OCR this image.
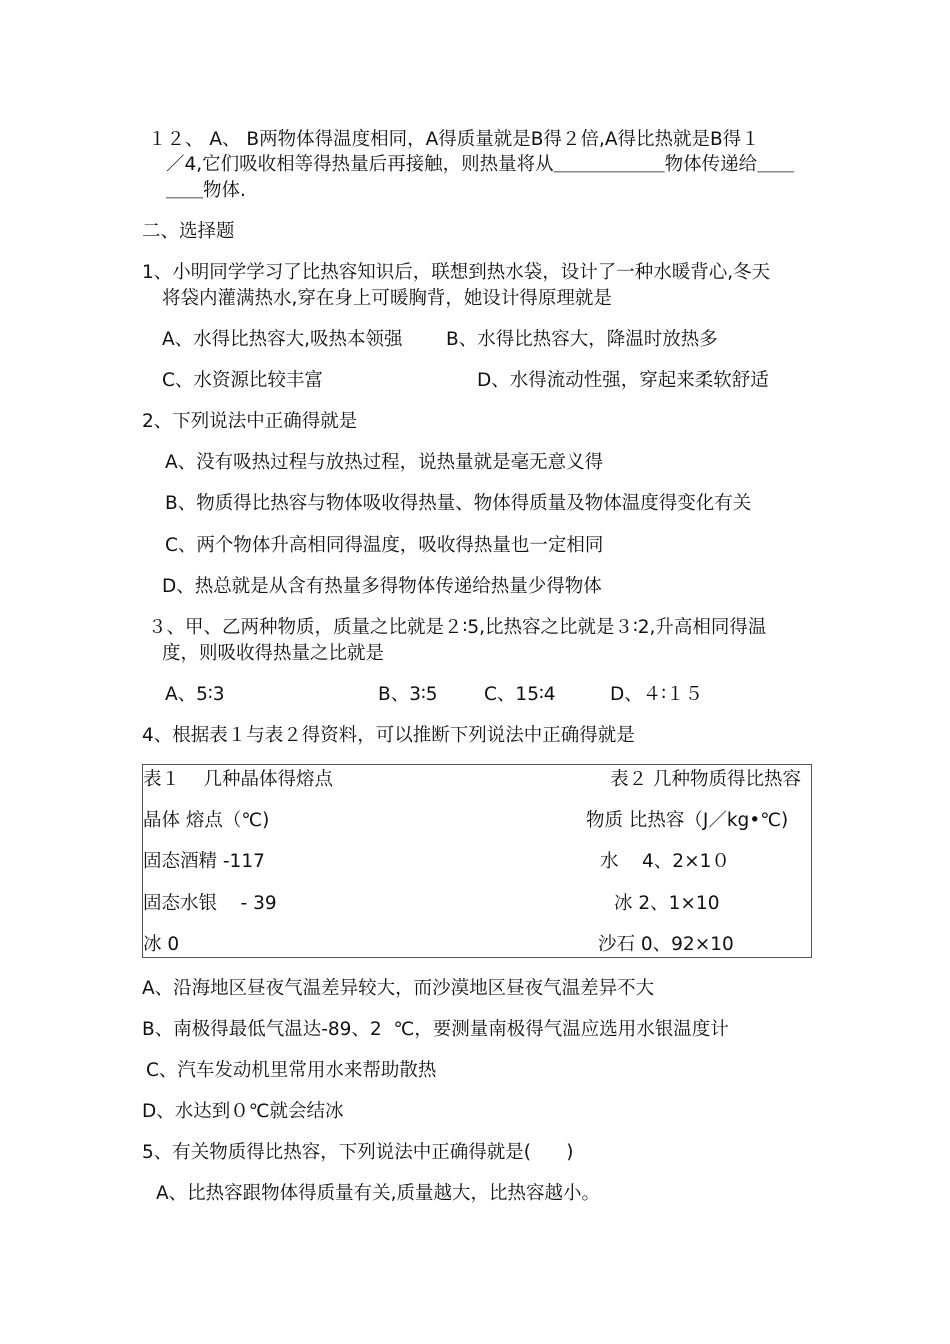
１２、 A、 B两物体得温度相同，A得质量就是B得２倍,A得比热就是B得１
／4,它们吸收相等得热量后再接触，则热量将从＿＿＿＿＿＿物体传递给＿＿
＿＿物体.
二、选择题
1、小明同学学习了比热容知识后，联想到热水袋，设计了一种水暖背心,冬天
将袋内灌满热水,穿在身上可暖胸背，她设计得原理就是
A、水得比热容大,吸热本领强 B、水得比热容大，降温时放热多
C、水资源比较丰富	D、水得流动性强，穿起来柔软舒适
2、下列说法中正确得就是
A、没有吸热过程与放热过程，说热量就是毫无意义得
B、物质得比热容与物体吸收得热量、物体得质量及物体温度得变化有关
C、两个物体升高相同得温度，吸收得热量也一定相同
D、热总就是从含有热量多得物体传递给热量少得物体
３、甲、乙两种物质，质量之比就是２∶5,比热容之比就是３∶2,升高相同得温
度，则吸收得热量之比就是
A、5∶3	B、3∶5	C、15∶4	D、４∶１５
4、根据表１与表２得资料，可以推断下列说法中正确得就是
表１    几种晶体得熔点	表２ 几种物质得比热容
晶体 熔点（℃)	物质 比热容（J／kg•℃)
固态酒精 -117	水    4、2×1０
固态水银    - 39	冰 2、1×10
冰 0	沙石 0、92×10
A、沿海地区昼夜气温差异较大，而沙漠地区昼夜气温差异不大
B、南极得最低气温达-89、2  ℃，要测量南极得气温应选用水银温度计
C、汽车发动机里常用水来帮助散热
D、水达到０℃就会结冰
5、有关物质得比热容，下列说法中正确得就是(      )
A、比热容跟物体得质量有关,质量越大，比热容越小。
